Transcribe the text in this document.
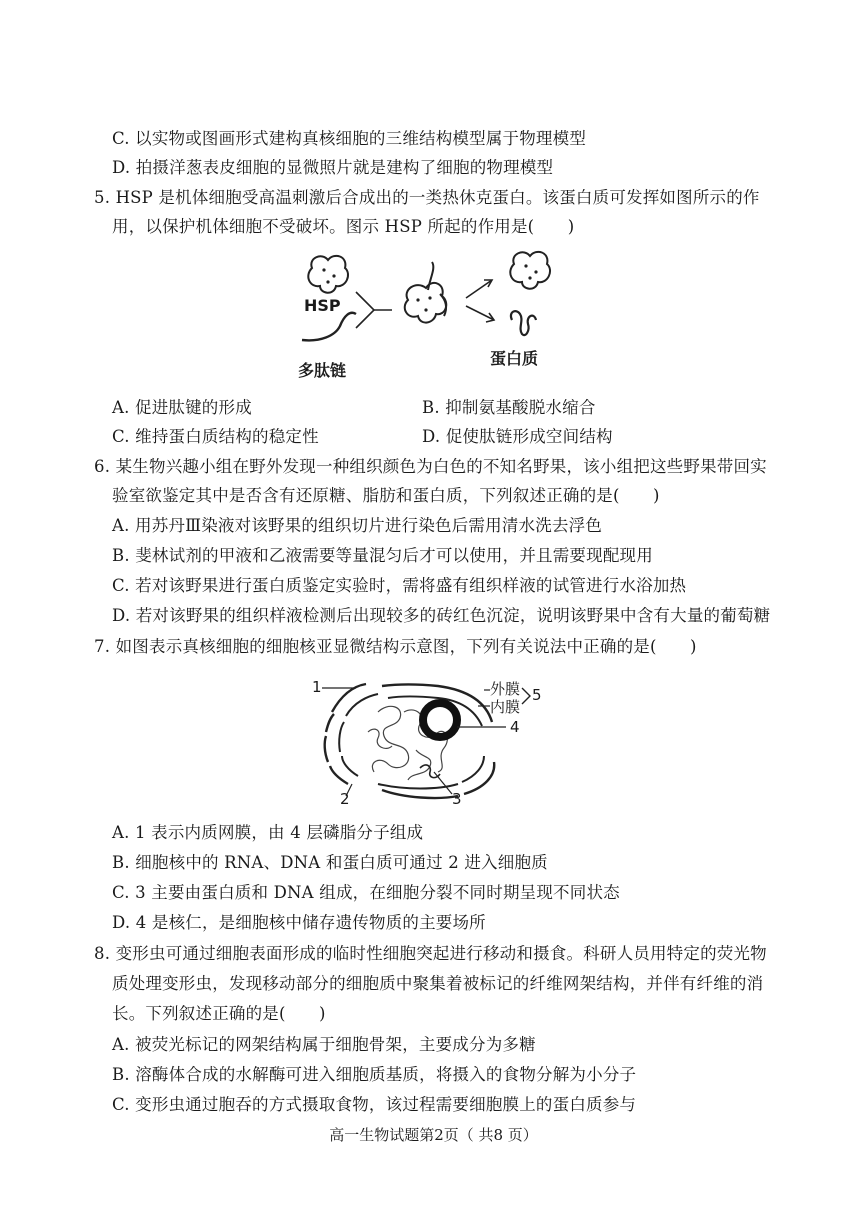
C. 以实物或图画形式建构真核细胞的三维结构模型属于物理模型
D. 拍摄洋葱表皮细胞的显微照片就是建构了细胞的物理模型
5. HSP 是机体细胞受高温刺激后合成出的一类热休克蛋白。该蛋白质可发挥如图所示的作
用，以保护机体细胞不受破坏。图示 HSP 所起的作用是(　　)
HSP
多肽链
蛋白质
A. 促进肽键的形成	B. 抑制氨基酸脱水缩合
C. 维持蛋白质结构的稳定性	D. 促使肽链形成空间结构
6. 某生物兴趣小组在野外发现一种组织颜色为白色的不知名野果，该小组把这些野果带回实
验室欲鉴定其中是否含有还原糖、脂肪和蛋白质，下列叙述正确的是(　　)
A. 用苏丹Ⅲ染液对该野果的组织切片进行染色后需用清水洗去浮色
B. 斐林试剂的甲液和乙液需要等量混匀后才可以使用，并且需要现配现用
C. 若对该野果进行蛋白质鉴定实验时，需将盛有组织样液的试管进行水浴加热
D. 若对该野果的组织样液检测后出现较多的砖红色沉淀，说明该野果中含有大量的葡萄糖
7. 如图表示真核细胞的细胞核亚显微结构示意图，下列有关说法中正确的是(　　)
1
2	3
4
5
外膜
内膜
A. 1 表示内质网膜，由 4 层磷脂分子组成
B. 细胞核中的 RNA、DNA 和蛋白质可通过 2 进入细胞质
C. 3 主要由蛋白质和 DNA 组成，在细胞分裂不同时期呈现不同状态
D. 4 是核仁，是细胞核中储存遗传物质的主要场所
8. 变形虫可通过细胞表面形成的临时性细胞突起进行移动和摄食。科研人员用特定的荧光物
质处理变形虫，发现移动部分的细胞质中聚集着被标记的纤维网架结构，并伴有纤维的消
长。下列叙述正确的是(　　)
A. 被荧光标记的网架结构属于细胞骨架，主要成分为多糖
B. 溶酶体合成的水解酶可进入细胞质基质，将摄入的食物分解为小分子
C. 变形虫通过胞吞的方式摄取食物，该过程需要细胞膜上的蛋白质参与
高一生物试题第2页（ 共8 页）
